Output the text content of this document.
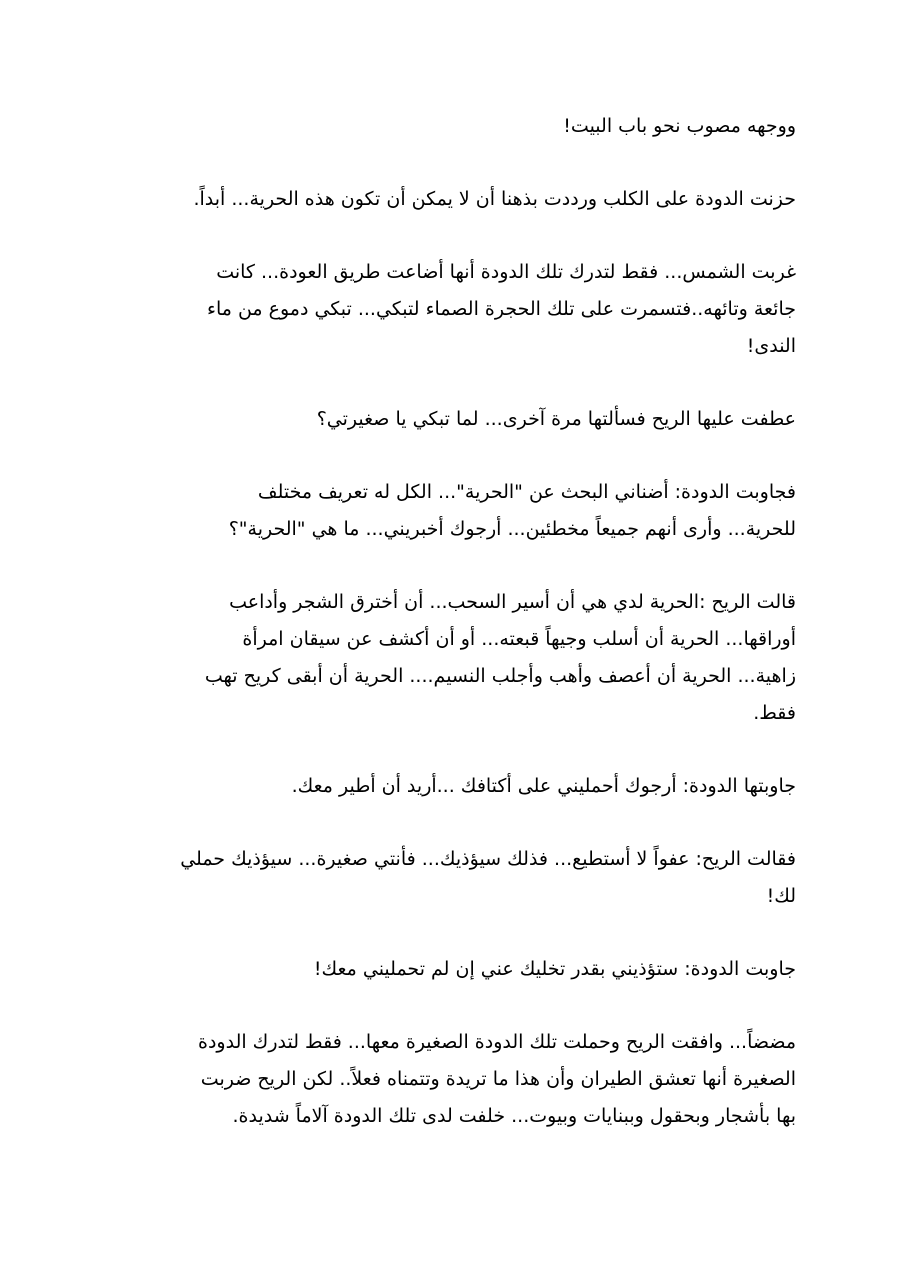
ووجهه مصوب نحو باب البيت!

حزنت الدودة على الكلب ورددت بذهنا أن لا يمكن أن تكون هذه الحرية... أبداً.

غربت الشمس... فقط لتدرك تلك الدودة أنها أضاعت طريق العودة... كانت
جائعة وتائهه..فتسمرت على تلك الحجرة الصماء لتبكي... تبكي دموع من ماء
الندى!

عطفت عليها الريح فسألتها مرة آخرى... لما تبكي يا صغيرتي؟

فجاوبت الدودة: أضناني البحث عن "الحرية"... الكل له تعريف مختلف
للحرية... وأرى أنهم جميعاً مخطئين... أرجوك أخبريني... ما هي "الحرية"؟

قالت الريح :الحرية لدي هي أن أسير السحب... أن أخترق الشجر وأداعب
أوراقها... الحرية أن أسلب وجيهاً قبعته... أو أن أكشف عن سيقان امرأة
زاهية... الحرية أن أعصف وأهب وأجلب النسيم.... الحرية أن أبقى كريح تهب
فقط.

جاوبتها الدودة: أرجوك أحمليني على أكتافك ...أريد أن أطير معك.

فقالت الريح: عفواً لا أستطيع... فذلك سيؤذيك... فأنتي صغيرة... سيؤذيك حملي
لك!

جاوبت الدودة: ستؤذيني بقدر تخليك عني إن لم تحمليني معك!

مضضاً... وافقت الريح وحملت تلك الدودة الصغيرة معها... فقط لتدرك الدودة
الصغيرة أنها تعشق الطيران وأن هذا ما تريدة وتتمناه فعلاً.. لكن الريح ضربت
بها بأشجار وبحقول وببنايات وبيوت... خلفت لدى تلك الدودة آلاماً شديدة.
